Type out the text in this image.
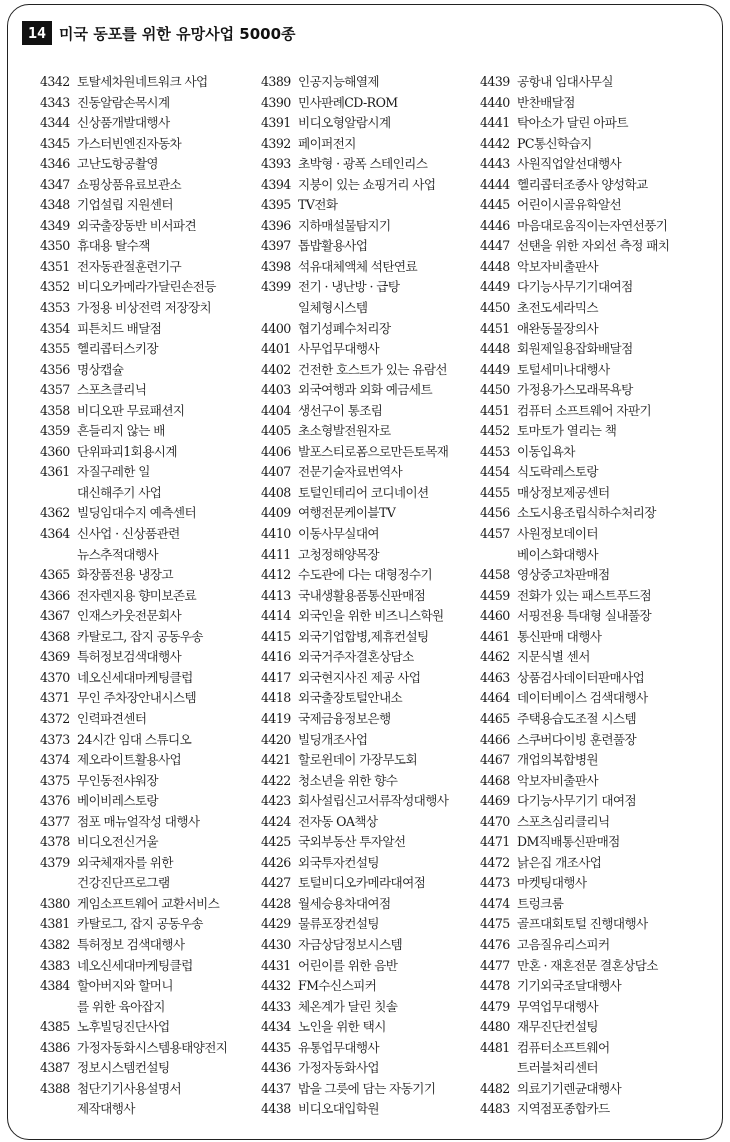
14 미국 동포를 위한 유망사업 5000종
4342 토탈세차원네트워크 사업
4343 진동알람손목시계
4344 신상품개발대행사
4345 가스터빈엔진자동차
4346 고난도항공촬영
4347 쇼핑상품유료보관소
4348 기업설립 지원센터
4349 외국출장동반 비서파견
4350 휴대용 탈수잭
4351 전자동관절훈련기구
4352 비디오카메라가달린손전등
4353 가정용 비상전력 저장장치
4354 피튼치드 배달점
4355 헬리콥터스키장
4356 명상캡슐
4357 스포츠클리닉
4358 비디오판 무료패션지
4359 흔들리지 않는 배
4360 단위파괴1회용시계
4361 자질구레한 일
대신해주기 사업
4362 빌딩임대수지 예측센터
4364 신사업 · 신상품관련
뉴스추적대행사
4365 화장품전용 냉장고
4366 전자렌지용 향미보존료
4367 인재스카웃전문회사
4368 카탈로그, 잡지 공동우송
4369 특허정보검색대행사
4370 네오신세대마케팅클럽
4371 무인 주차장안내시스템
4372 인력파견센터
4373 24시간 임대 스튜디오
4374 제오라이트활용사업
4375 무인동전샤워장
4376 베이비레스토랑
4377 점포 매뉴얼작성 대행사
4378 비디오전신거울
4379 외국체재자를 위한
건강진단프로그램
4380 게임소프트웨어 교환서비스
4381 카탈로그, 잡지 공동우송
4382 특허정보 검색대행사
4383 네오신세대마케팅클럽
4384 할아버지와 할머니
를 위한 육아잡지
4385 노후빌딩진단사업
4386 가정자동화시스템용태양전지
4387 정보시스템컨설팅
4388 첨단기기사용설명서
제작대행사
4389 인공지능해열제
4390 민사판례CD-ROM
4391 비디오형알람시계
4392 페이퍼전지
4393 초박형 · 광폭 스테인리스
4394 지붕이 있는 쇼핑거리 사업
4395 TV전화
4396 지하매설물탐지기
4397 톱밥활용사업
4398 석유대체액체 석탄연료
4399 전기 · 냉난방 · 급탕
일체형시스템
4400 협기성폐수처리장
4401 사무업무대행사
4402 건전한 호스트가 있는 유람선
4403 외국여행과 외화 예금세트
4404 생선구이 통조림
4405 초소형발전원자로
4406 발포스티로폼으로만든토목재
4407 전문기술자료번역사
4408 토털인테리어 코디네이션
4409 여행전문케이블TV
4410 이동사무실대여
4411 고청정해양목장
4412 수도관에 다는 대형정수기
4413 국내생활용품통신판매점
4414 외국인을 위한 비즈니스학원
4415 외국기업합병,제휴컨설팅
4416 외국거주자결혼상담소
4417 외국현지사진 제공 사업
4418 외국출장토털안내소
4419 국제금융정보은행
4420 빌딩개조사업
4421 할로윈데이 가장무도회
4422 청소년을 위한 향수
4423 회사설립신고서류작성대행사
4424 전자동 OA책상
4425 국외부동산 투자알선
4426 외국투자컨설팅
4427 토털비디오카메라대여점
4428 월세승용차대여점
4429 물류포장컨설팅
4430 자금상담정보시스템
4431 어린이를 위한 음반
4432 FM수신스피커
4433 체온계가 달린 칫솔
4434 노인을 위한 택시
4435 유통업무대행사
4436 가정자동화사업
4437 밥을 그릇에 담는 자동기기
4438 비디오대입학원
4439 공항내 임대사무실
4440 반찬배달점
4441 탁아소가 달린 아파트
4442 PC통신학습지
4443 사원직업알선대행사
4444 헬리콥터조종사 양성학교
4445 어린이시골유학알선
4446 마음대로움직이는자연선풍기
4447 선탠을 위한 자외선 측정 패치
4448 악보자비출판사
4449 다기능사무기기대여점
4450 초전도세라믹스
4451 애완동물장의사
4448 회원제일용잡화배달점
4449 토털세미나대행사
4450 가정용가스모래목욕탕
4451 컴퓨터 소프트웨어 자판기
4452 토마토가 열리는 책
4453 이동입욕차
4454 식도락레스토랑
4455 매상정보제공센터
4456 소도시용조립식하수처리장
4457 사원정보데이터
베이스화대행사
4458 영상중고차판매점
4459 전화가 있는 패스트푸드점
4460 서핑전용 특대형 실내풀장
4461 통신판매 대행사
4462 지문식별 센서
4463 상품검사데이터판매사업
4464 데이터베이스 검색대행사
4465 주택용습도조절 시스템
4466 스쿠버다이빙 훈련풀장
4467 개업의복합병원
4468 악보자비출판사
4469 다기능사무기기 대여점
4470 스포츠심리클리닉
4471 DM직배통신판매점
4472 낡은집 개조사업
4473 마켓팅대행사
4474 트렁크룸
4475 골프대회토털 진행대행사
4476 고음질유리스피커
4477 만혼 · 재혼전문 결혼상담소
4478 기기외국조달대행사
4479 무역업무대행사
4480 재무진단컨설팅
4481 컴퓨터소프트웨어
트러블처리센터
4482 의료기기렌균대행사
4483 지역점포종합카드
